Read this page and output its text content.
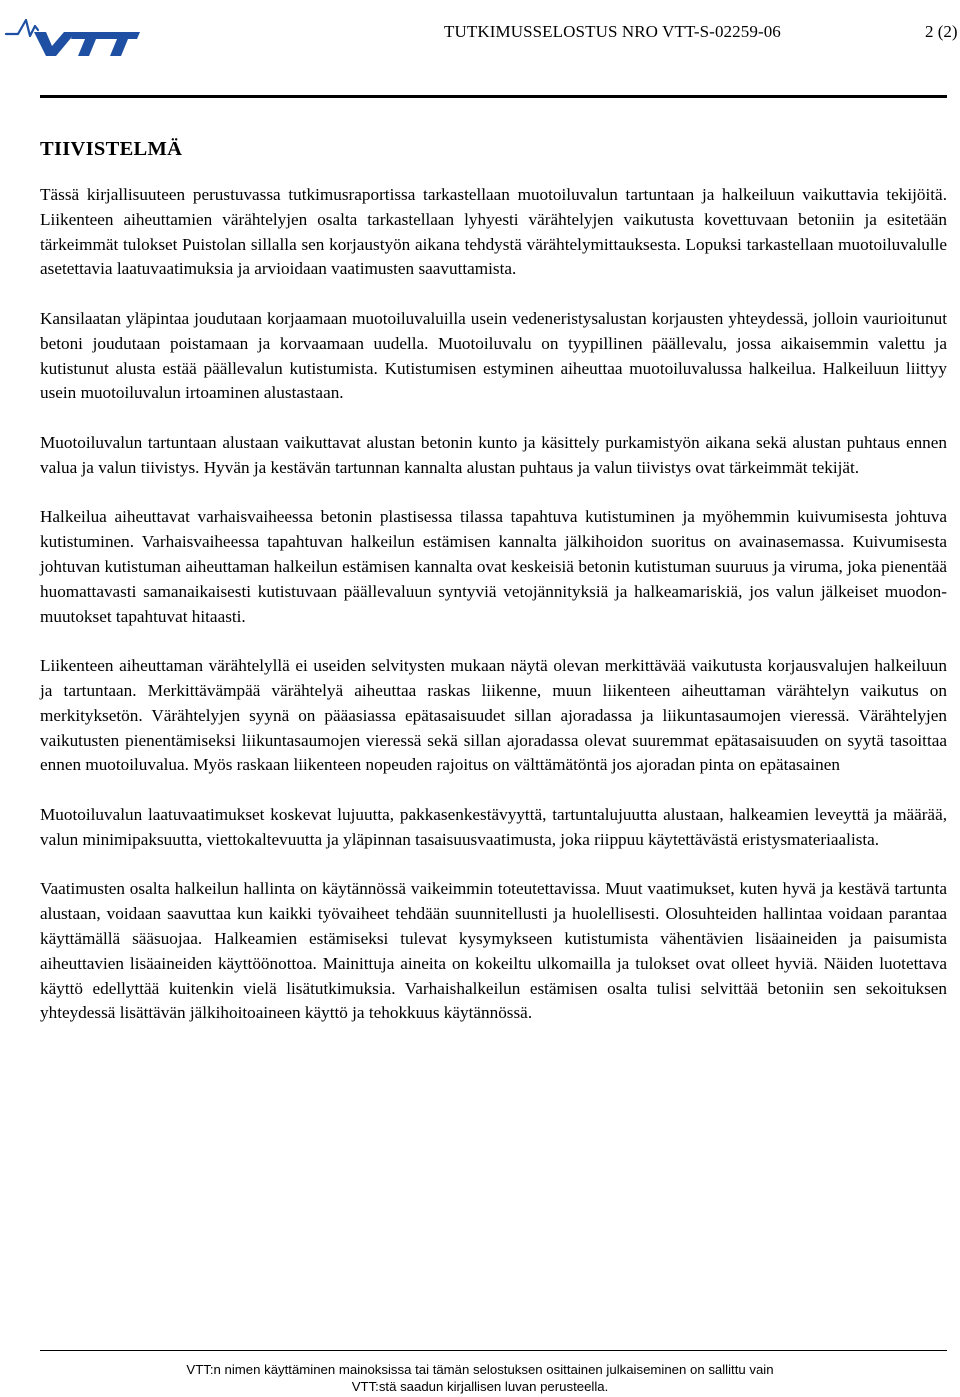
TUTKIMUSSELOSTUS NRO VTT-S-02259-06	2 (2)
TIIVISTELMÄ

Tässä kirjallisuuteen perustuvassa tutkimusraportissa tarkastellaan muotoiluvalun tartuntaan ja halkeiluun vaikuttavia tekijöitä. Liikenteen aiheuttamien värähtelyjen osalta tarkastellaan lyhyesti värähtelyjen vaikutusta kovettuvaan betoniin ja esitetään tärkeimmät tulokset Puistolan sillalla sen korjaustyön aikana tehdystä värähtelymittauksesta. Lopuksi tarkastellaan muotoiluvalulle asetettavia laatuvaatimuksia ja arvioidaan vaatimusten saavuttamista.

Kansilaatan yläpintaa joudutaan korjaamaan muotoiluvaluilla usein vedeneristysalustan korjausten yhteydessä, jolloin vaurioitunut betoni joudutaan poistamaan ja korvaamaan uudella. Muotoiluvalu on tyypillinen päällevalu, jossa aikaisemmin valettu ja kutistunut alusta estää päällevalun kutistumista. Kutistumisen estyminen aiheuttaa muotoiluvalussa halkeilua. Halkeiluun liittyy usein muotoiluvalun irtoaminen alustastaan.

Muotoiluvalun tartuntaan alustaan vaikuttavat alustan betonin kunto ja käsittely purkamistyön aikana sekä alustan puhtaus ennen valua ja valun tiivistys. Hyvän ja kestävän tartunnan kannalta alustan puhtaus ja valun tiivistys ovat tärkeimmät tekijät.

Halkeilua aiheuttavat varhaisvaiheessa betonin plastisessa tilassa tapahtuva kutistuminen ja myöhemmin kuivumisesta johtuva kutistuminen. Varhaisvaiheessa tapahtuvan halkeilun estämisen kannalta jälkihoidon suoritus on avainasemassa. Kuivumisesta johtuvan kutistuman aiheuttaman halkeilun estämisen kannalta ovat keskeisiä betonin kutistuman suuruus ja viruma, joka pienentää huomattavasti samanaikaisesti kutistuvaan päällevaluun syntyviä vetojännityksiä ja halkeamariskiä, jos valun jälkeiset muodonmuutokset tapahtuvat hitaasti.

Liikenteen aiheuttaman värähtelyllä ei useiden selvitysten mukaan näytä olevan merkittävää vaikutusta korjausvalujen halkeiluun ja tartuntaan. Merkittävämpää värähtelyä aiheuttaa raskas liikenne, muun liikenteen aiheuttaman värähtelyn vaikutus on merkityksetön. Värähtelyjen syynä on pääasiassa epätasaisuudet sillan ajoradassa ja liikuntasaumojen vieressä. Värähtelyjen vaikutusten pienentämiseksi liikuntasaumojen vieressä sekä sillan ajoradassa olevat suuremmat epätasaisuuden on syytä tasoittaa ennen muotoiluvalua. Myös raskaan liikenteen nopeuden rajoitus on välttämätöntä jos ajoradan pinta on epätasainen

Muotoiluvalun laatuvaatimukset koskevat lujuutta, pakkasenkestävyyttä, tartuntalujuutta alustaan, halkeamien leveyttä ja määrää, valun minimipaksuutta, viettokaltevuutta ja yläpinnan tasaisuusvaatimusta, joka riippuu käytettävästä eristysmateriaalista.

Vaatimusten osalta halkeilun hallinta on käytännössä vaikeimmin toteutettavissa. Muut vaatimukset, kuten hyvä ja kestävä tartunta alustaan, voidaan saavuttaa kun kaikki työvaiheet tehdään suunnitellusti ja huolellisesti. Olosuhteiden hallintaa voidaan parantaa käyttämällä sääsuojaa. Halkeamien estämiseksi tulevat kysymykseen kutistumista vähentävien lisäaineiden ja paisumista aiheuttavien lisäaineiden käyttöönottoa. Mainittuja aineita on kokeiltu ulkomailla ja tulokset ovat olleet hyviä. Näiden luotettava käyttö edellyttää kuitenkin vielä lisätutkimuksia. Varhaishalkeilun estämisen osalta tulisi selvittää betoniin sen sekoituksen yhteydessä lisättävän jälkihoitoaineen käyttö ja tehokkuus käytännössä.

VTT:n nimen käyttäminen mainoksissa tai tämän selostuksen osittainen julkaiseminen on sallittu vain
VTT:stä saadun kirjallisen luvan perusteella.
